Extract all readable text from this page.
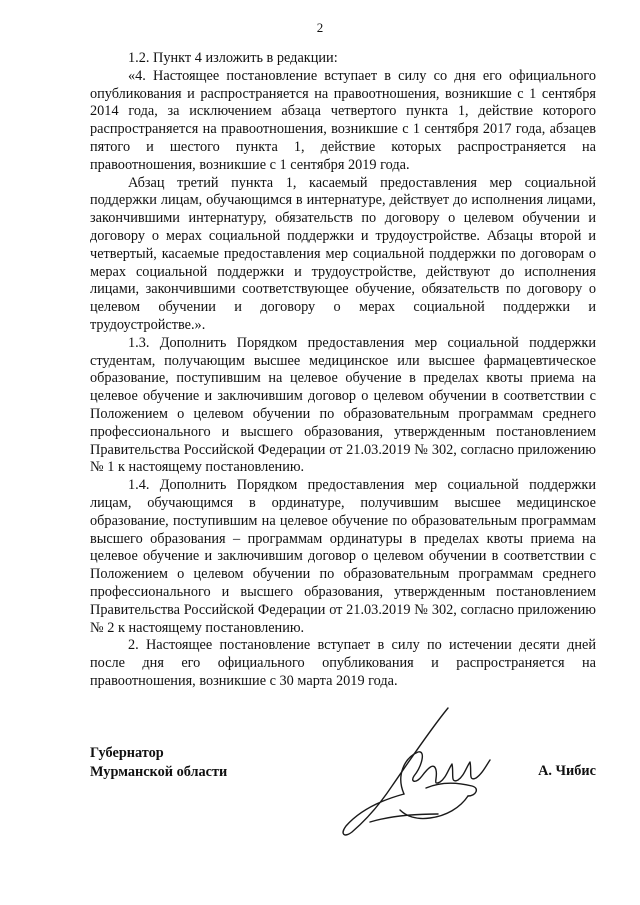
2

1.2. Пункт 4 изложить в редакции:

«4. Настоящее постановление вступает в силу со дня его официального опубликования и распространяется на правоотношения, возникшие с 1 сентября 2014 года, за исключением абзаца четвертого пункта 1, действие которого распространяется на правоотношения, возникшие с 1 сентября 2017 года, абзацев пятого и шестого пункта 1, действие которых распространяется на правоотношения, возникшие с 1 сентября 2019 года.

Абзац третий пункта 1, касаемый предоставления мер социальной поддержки лицам, обучающимся в интернатуре, действует до исполнения лицами, закончившими интернатуру, обязательств по договору о целевом обучении и договору о мерах социальной поддержки и трудоустройстве. Абзацы второй и четвертый, касаемые предоставления мер социальной поддержки по договорам о мерах социальной поддержки и трудоустройстве, действуют до исполнения лицами, закончившими соответствующее обучение, обязательств по договору о целевом обучении и договору о мерах социальной поддержки и трудоустройстве.».

1.3. Дополнить Порядком предоставления мер социальной поддержки студентам, получающим высшее медицинское или высшее фармацевтическое образование, поступившим на целевое обучение в пределах квоты приема на целевое обучение и заключившим договор о целевом обучении в соответствии с Положением о целевом обучении по образовательным программам среднего профессионального и высшего образования, утвержденным постановлением Правительства Российской Федерации от 21.03.2019 № 302, согласно приложению № 1 к настоящему постановлению.

1.4. Дополнить Порядком предоставления мер социальной поддержки лицам, обучающимся в ординатуре, получившим высшее медицинское образование, поступившим на целевое обучение по образовательным программам высшего образования – программам ординатуры в пределах квоты приема на целевое обучение и заключившим договор о целевом обучении в соответствии с Положением о целевом обучении по образовательным программам среднего профессионального и высшего образования, утвержденным постановлением Правительства Российской Федерации от 21.03.2019 № 302, согласно приложению № 2 к настоящему постановлению.

2. Настоящее постановление вступает в силу по истечении десяти дней после дня его официального опубликования и распространяется на правоотношения, возникшие с 30 марта 2019 года.

Губернатор
Мурманской области	А. Чибис
